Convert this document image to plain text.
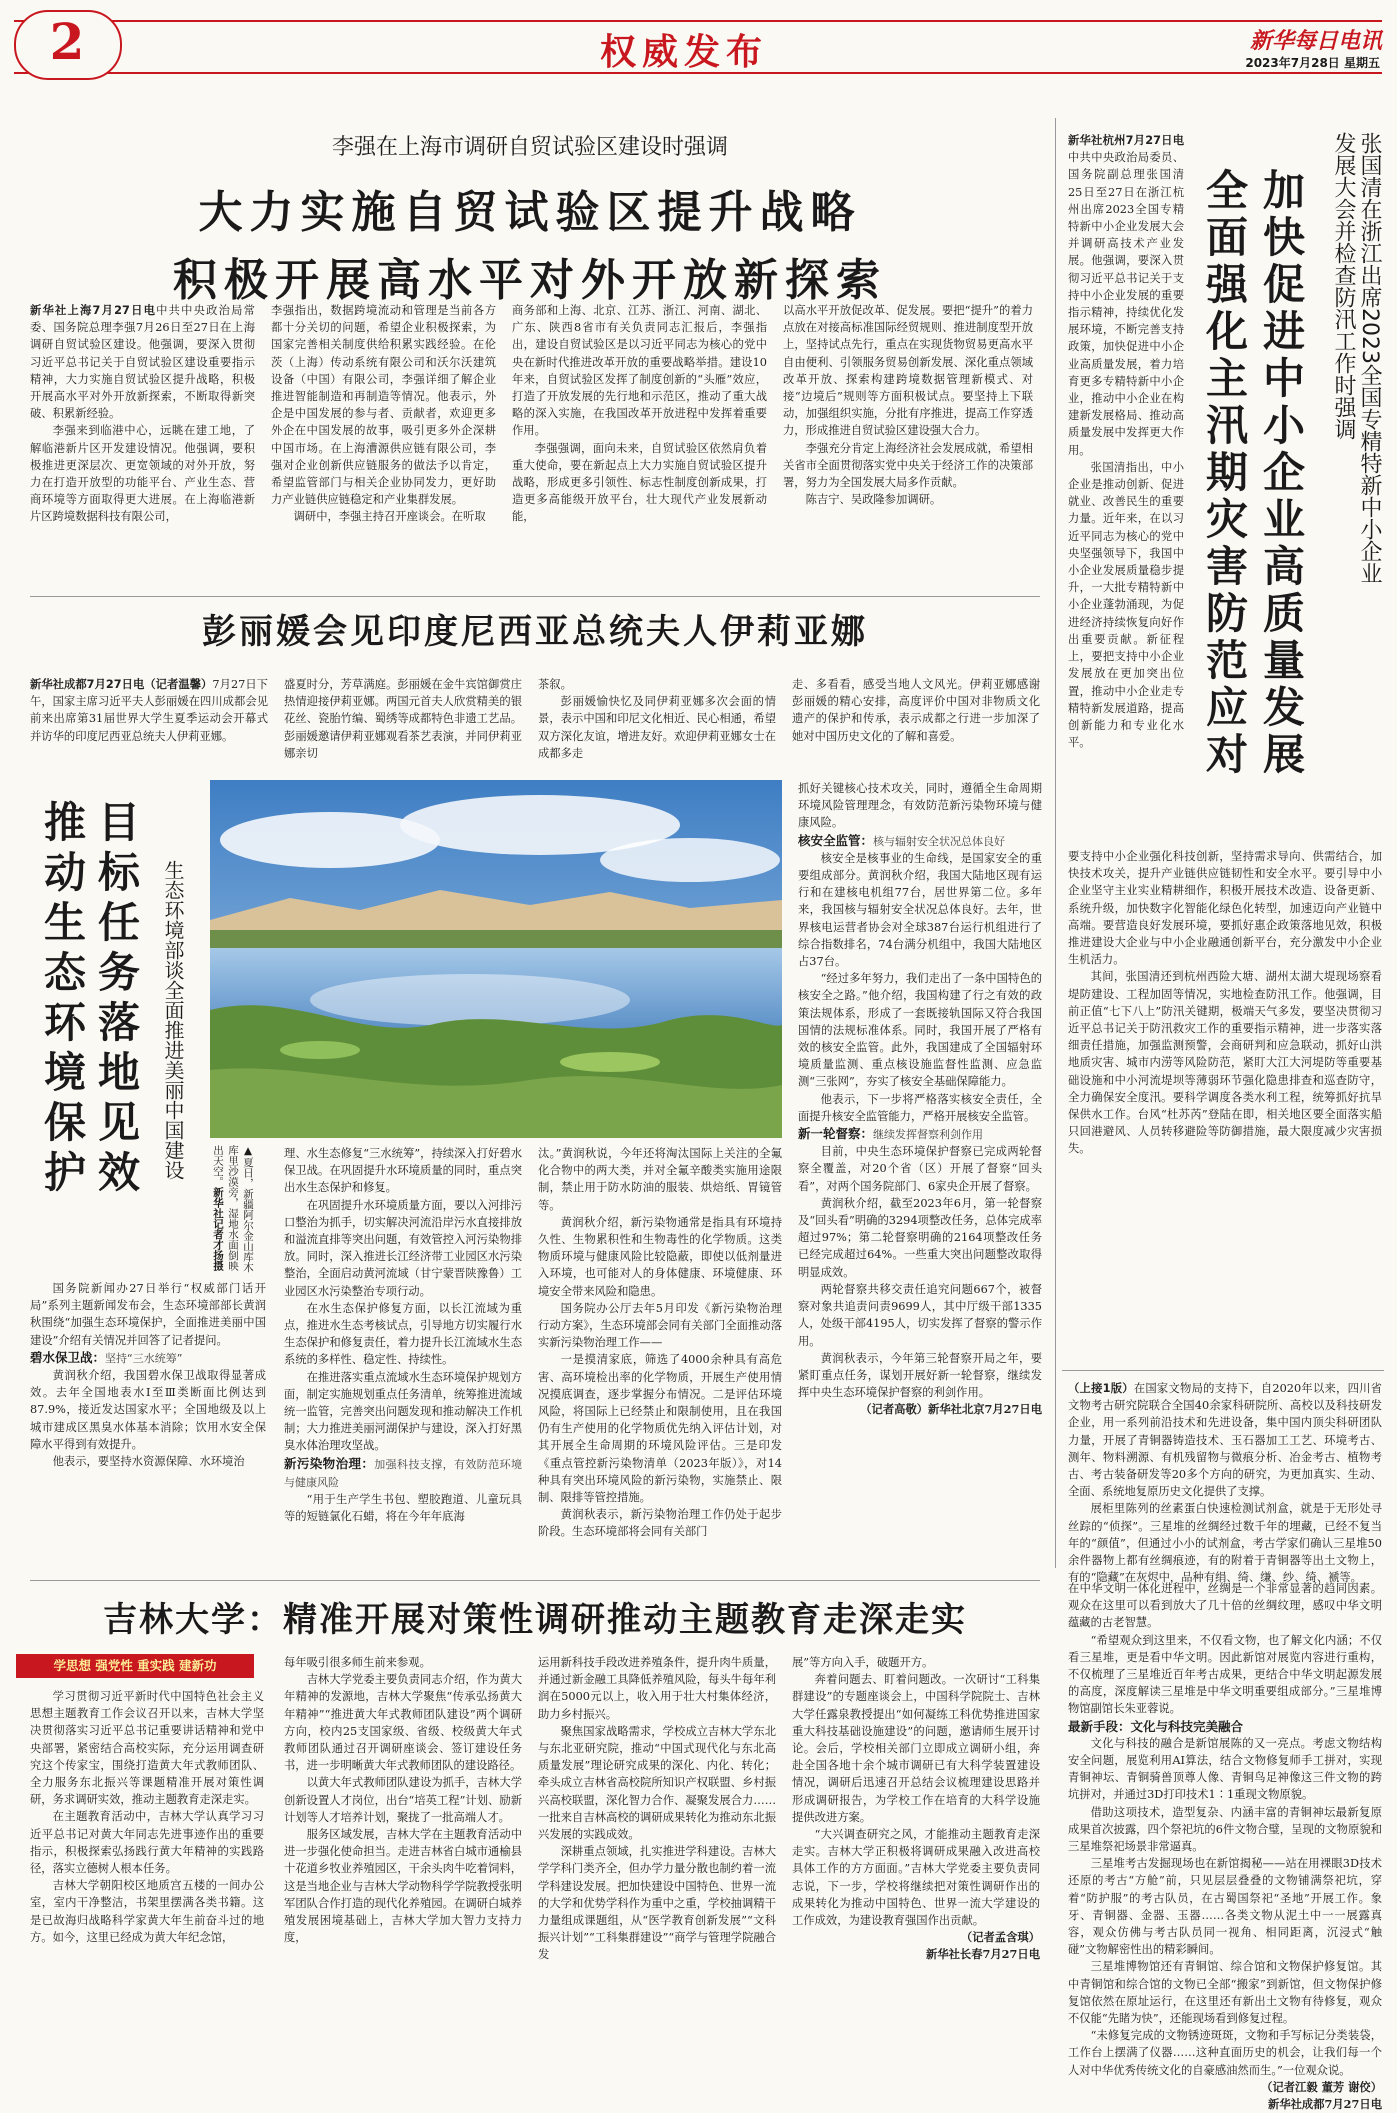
2	权威发布	新华每日电讯
2023年7月28日 星期五
李强在上海市调研自贸试验区建设时强调
大力实施自贸试验区提升战略
积极开展高水平对外开放新探索

新华社上海7月27日电中共中央政治局常委、国务院总理李强7月26日至27日在上海调研自贸试验区建设。他强调，要深入贯彻习近平总书记关于自贸试验区建设重要指示精神，大力实施自贸试验区提升战略，积极开展高水平对外开放新探索，不断取得新突破、积累新经验。

李强来到临港中心，远眺在建工地，了解临港新片区开发建设情况。他强调，要积极推进更深层次、更宽领域的对外开放，努力在打造开放型的功能平台、产业生态、营商环境等方面取得更大进展。在上海临港新片区跨境数据科技有限公司，

李强指出，数据跨境流动和管理是当前各方都十分关切的问题，希望企业积极探索，为国家完善相关制度供给积累实践经验。在伦茨（上海）传动系统有限公司和沃尔沃建筑设备（中国）有限公司，李强详细了解企业推进智能制造和再制造等情况。他表示，外企是中国发展的参与者、贡献者，欢迎更多外企在中国发展的故事，吸引更多外企深耕中国市场。在上海漕源供应链有限公司，李强对企业创新供应链服务的做法予以肯定，希望监管部门与相关企业协同发力，更好助力产业链供应链稳定和产业集群发展。

调研中，李强主持召开座谈会。在听取

商务部和上海、北京、江苏、浙江、河南、湖北、广东、陕西8省市有关负责同志汇报后，李强指出，建设自贸试验区是以习近平同志为核心的党中央在新时代推进改革开放的重要战略举措。建设10年来，自贸试验区发挥了制度创新的“头雁”效应，打造了开放发展的先行地和示范区，推动了重大战略的深入实施，在我国改革开放进程中发挥着重要作用。

李强强调，面向未来，自贸试验区依然肩负着重大使命，要在新起点上大力实施自贸试验区提升战略，形成更多引领性、标志性制度创新成果，打造更多高能级开放平台，壮大现代产业发展新动能，

以高水平开放促改革、促发展。要把“提升”的着力点放在对接高标准国际经贸规则、推进制度型开放上，坚持试点先行，重点在实现货物贸易更高水平自由便利、引领服务贸易创新发展、深化重点领域改革开放、探索构建跨境数据管理新模式、对接“边境后”规则等方面积极试点。要坚持上下联动，加强组织实施，分批有序推进，提高工作穿透力，形成推进自贸试验区建设强大合力。

李强充分肯定上海经济社会发展成就，希望相关省市全面贯彻落实党中央关于经济工作的决策部署，努力为全国发展大局多作贡献。

陈吉宁、吴政隆参加调研。	张国清在浙江出席2023全国专精特新中小企业发展大会并检查防汛工作时强调
加快促进中小企业高质量发展
全面强化主汛期灾害防范应对

新华社杭州7月27日电中共中央政治局委员、国务院副总理张国清25日至27日在浙江杭州出席2023全国专精特新中小企业发展大会并调研高技术产业发展。他强调，要深入贯彻习近平总书记关于支持中小企业发展的重要指示精神，持续优化发展环境，不断完善支持政策，加快促进中小企业高质量发展，着力培育更多专精特新中小企业，推动中小企业在构建新发展格局、推动高质量发展中发挥更大作用。

张国清指出，中小企业是推动创新、促进就业、改善民生的重要力量。近年来，在以习近平同志为核心的党中央坚强领导下，我国中小企业发展质量稳步提升，一大批专精特新中小企业蓬勃涌现，为促进经济持续恢复向好作出重要贡献。新征程上，要把支持中小企业发展放在更加突出位置，推动中小企业走专精特新发展道路，提高创新能力和专业化水平。

要支持中小企业强化科技创新，坚持需求导向、供需结合，加快技术攻关，提升产业链供应链韧性和安全水平。要引导中小企业坚守主业实业精耕细作，积极开展技术改造、设备更新、系统升级，加快数字化智能化绿色化转型，加速迈向产业链中高端。要营造良好发展环境，要抓好惠企政策落地见效，积极推进建设大企业与中小企业融通创新平台，充分激发中小企业生机活力。

其间，张国清还到杭州西险大塘、湖州太湖大堤现场察看堤防建设、工程加固等情况，实地检查防汛工作。他强调，目前正值“七下八上”防汛关键期，极端天气多发，要坚决贯彻习近平总书记关于防汛救灾工作的重要指示精神，进一步落实落细责任措施，加强监测预警，会商研判和应急联动，抓好山洪地质灾害、城市内涝等风险防范，紧盯大江大河堤防等重要基础设施和中小河流堤坝等薄弱环节强化隐患排查和巡查防守，全力确保安全度汛。要科学调度各类水利工程，统筹抓好抗旱保供水工作。台风“杜苏芮”登陆在即，相关地区要全面落实船只回港避风、人员转移避险等防御措施，最大限度减少灾害损失。

（上接1版）在国家文物局的支持下，自2020年以来，四川省文物考古研究院联合全国40余家科研院所、高校以及科技研发企业，用一系列前沿技术和先进设备，集中国内顶尖科研团队力量，开展了青铜器铸造技术、玉石器加工工艺、环境考古、测年、物料溯源、有机残留物与微痕分析、冶金考古、植物考古、考古装备研发等20多个方向的研究，为更加真实、生动、全面、系统地复原历史文化提供了支撑。

展柜里陈列的丝素蛋白快速检测试剂盒，就是于无形处寻丝踪的“侦探”。三星堆的丝绸经过数千年的埋藏，已经不复当年的“颜值”，但通过小小的试剂盒，考古学家们确认三星堆50余件器物上都有丝绸痕迹，有的附着于青铜器等出土文物上，有的“隐藏”在灰烬中，品种有绢、绮、缣、纱、绮、褫等。

在中华文明一体化进程中，丝绸是一个非常显著的趋同因素。观众在这里可以看到放大了几十倍的丝绸纹理，感叹中华文明蕴藏的古老智慧。

“希望观众到这里来，不仅看文物，也了解文化内涵；不仅看三星堆，更是看中华文明。因此新馆对展览内容进行重构，不仅梳理了三星堆近百年考古成果，更结合中华文明起源发展的高度，深度解读三星堆是中华文明重要组成部分。”三星堆博物馆副馆长朱亚蓉说。

最新手段：文化与科技完美融合

文化与科技的融合是新馆展陈的又一亮点。考虑文物结构安全问题，展览利用AI算法，结合文物修复师手工拼对，实现青铜神坛、青铜骑兽顶尊人像、青铜鸟足神像这三件文物的跨坑拼对，并通过3D打印技术1∶1重现文物原貌。

借助这项技术，造型复杂、内涵丰富的青铜神坛最新复原成果首次披露，四个祭祀坑的6件文物合璧，呈现的文物原貌和三星堆祭祀场景非常逼真。

三星堆考古发掘现场也在新馆揭秘——站在用裸眼3D技术还原的考古“方舱”前，只见层层叠叠的文物铺满祭祀坑，穿着“防护服”的考古队员，在古蜀国祭祀“圣地”开展工作。象牙、青铜器、金器、玉器……各类文物从泥土中一一展露真容，观众仿佛与考古队员同一视角、相同距离，沉浸式“触碰”文物解密性出的精彩瞬间。

三星堆博物馆还有青铜馆、综合馆和文物保护修复馆。其中青铜馆和综合馆的文物已全部“搬家”到新馆，但文物保护修复馆依然在原址运行，在这里还有新出土文物有待修复，观众不仅能“先睹为快”，还能现场看到修复过程。

“未修复完成的文物锈迹斑斑，文物和手写标记分类装袋，工作台上摆满了仪器……这种直面历史的机会，让我们每一个人对中华优秀传统文化的自豪感油然而生。”一位观众说。

（记者江毅 董芳 谢佼）

新华社成都7月27日电

彭丽媛会见印度尼西亚总统夫人伊莉亚娜

新华社成都7月27日电（记者温馨）7月27日下午，国家主席习近平夫人彭丽媛在四川成都会见前来出席第31届世界大学生夏季运动会开幕式并访华的印度尼西亚总统夫人伊莉亚娜。

盛夏时分，芳草满庭。彭丽媛在金牛宾馆御赏庄热情迎接伊莉亚娜。两国元首夫人欣赏精美的银花丝、瓷胎竹编、蜀绣等成都特色非遗工艺品。彭丽媛邀请伊莉亚娜观看茶艺表演，并同伊莉亚娜亲切

茶叙。

彭丽媛愉快忆及同伊莉亚娜多次会面的情景，表示中国和印尼文化相近、民心相通，希望双方深化友谊，增进友好。欢迎伊莉亚娜女士在成都多走

走、多看看，感受当地人文风光。伊莉亚娜感谢彭丽媛的精心安排，高度评价中国对非物质文化遗产的保护和传承，表示成都之行进一步加深了她对中国历史文化的了解和喜爱。

目标任务落地见效
推动生态环境保护	生态环境部谈全面推进美丽中国建设
▲夏日，新疆阿尔金山库木库里沙漠旁，湿地水面倒映出天空。新华社记者才扬摄

国务院新闻办27日举行“权威部门话开局”系列主题新闻发布会，生态环境部部长黄润秋围绕“加强生态环境保护，全面推进美丽中国建设”介绍有关情况并回答了记者提问。

碧水保卫战：坚持“三水统筹”

黄润秋介绍，我国碧水保卫战取得显著成效。去年全国地表水Ⅰ至Ⅲ类断面比例达到87.9%，接近发达国家水平；全国地级及以上城市建成区黑臭水体基本消除；饮用水安全保障水平得到有效提升。

他表示，要坚持水资源保障、水环境治

理、水生态修复“三水统筹”，持续深入打好碧水保卫战。在巩固提升水环境质量的同时，重点突出水生态保护和修复。

在巩固提升水环境质量方面，要以入河排污口整治为抓手，切实解决河流沿岸污水直接排放和溢流直排等突出问题，有效管控入河污染物排放。同时，深入推进长江经济带工业园区水污染整治，全面启动黄河流域（甘宁蒙晋陕豫鲁）工业园区水污染整治专项行动。

在水生态保护修复方面，以长江流域为重点，推进水生态考核试点，引导地方切实履行水生态保护和修复责任，着力提升长江流域水生态系统的多样性、稳定性、持续性。

在推进落实重点流域水生态环境保护规划方面，制定实施规划重点任务清单，统筹推进流域统一监管，完善突出问题发现和推动解决工作机制；大力推进美丽河湖保护与建设，深入打好黑臭水体治理攻坚战。

新污染物治理：加强科技支撑，有效防范环境与健康风险

“用于生产学生书包、塑胶跑道、儿童玩具等的短链氯化石蜡，将在今年年底海

汰。”黄润秋说，今年还将淘汰国际上关注的全氟化合物中的两大类，并对全氟辛酸类实施用途限制，禁止用于防水防油的服装、烘焙纸、胃镜管等。

黄润秋介绍，新污染物通常是指具有环境持久性、生物累积性和生物毒性的化学物质。这类物质环境与健康风险比较隐蔽，即使以低剂量进入环境，也可能对人的身体健康、环境健康、环境安全带来风险和隐患。

国务院办公厅去年5月印发《新污染物治理行动方案》，生态环境部会同有关部门全面推动落实新污染物治理工作——

一是摸清家底，筛选了4000余种具有高危害、高环境检出率的化学物质，开展生产使用情况摸底调查，逐步掌握分布情况。二是评估环境风险，将国际上已经禁止和限制使用，且在我国仍有生产使用的化学物质优先纳入评估计划，对其开展全生命周期的环境风险评估。三是印发《重点管控新污染物清单（2023年版）》，对14种具有突出环境风险的新污染物，实施禁止、限制、限排等管控措施。

黄润秋表示，新污染物治理工作仍处于起步阶段。生态环境部将会同有关部门

抓好关键核心技术攻关，同时，遵循全生命周期环境风险管理理念，有效防范新污染物环境与健康风险。

核安全监管：核与辐射安全状况总体良好

核安全是核事业的生命线，是国家安全的重要组成部分。黄润秋介绍，我国大陆地区现有运行和在建核电机组77台，居世界第二位。多年来，我国核与辐射安全状况总体良好。去年，世界核电运营者协会对全球387台运行机组进行了综合指数排名，74台满分机组中，我国大陆地区占37台。

“经过多年努力，我们走出了一条中国特色的核安全之路。”他介绍，我国构建了行之有效的政策法规体系，形成了一套既接轨国际又符合我国国情的法规标准体系。同时，我国开展了严格有效的核安全监管。此外，我国建成了全国辐射环境质量监测、重点核设施监督性监测、应急监测“三张网”，夯实了核安全基础保障能力。

他表示，下一步将严格落实核安全责任，全面提升核安全监管能力，严格开展核安全监管。

新一轮督察：继续发挥督察利剑作用

目前，中央生态环境保护督察已完成两轮督察全覆盖，对20个省（区）开展了督察“回头看”，对两个国务院部门、6家央企开展了督察。

黄润秋介绍，截至2023年6月，第一轮督察及“回头看”明确的3294项整改任务，总体完成率超过97%；第二轮督察明确的2164项整改任务已经完成超过64%。一些重大突出问题整改取得明显成效。

两轮督察共移交责任追究问题667个，被督察对象共追责问责9699人，其中厅级干部1335人，处级干部4195人，切实发挥了督察的警示作用。

黄润秋表示，今年第三轮督察开局之年，要紧盯重点任务，谋划开展好新一轮督察，继续发挥中央生态环境保护督察的利剑作用。

（记者高敬）新华社北京7月27日电

吉林大学：精准开展对策性调研推动主题教育走深走实
学思想 强党性 重实践 建新功

学习贯彻习近平新时代中国特色社会主义思想主题教育工作会议召开以来，吉林大学坚决贯彻落实习近平总书记重要讲话精神和党中央部署，紧密结合高校实际，充分运用调查研究这个传家宝，围绕打造黄大年式教师团队、全力服务东北振兴等课题精准开展对策性调研，务求调研实效，推动主题教育走深走实。

在主题教育活动中，吉林大学认真学习习近平总书记对黄大年同志先进事迹作出的重要指示，积极探索弘扬践行黄大年精神的实践路径，落实立德树人根本任务。

吉林大学朝阳校区地质宫五楼的一间办公室，室内干净整洁，书架里摆满各类书籍。这是已故海归战略科学家黄大年生前奋斗过的地方。如今，这里已经成为黄大年纪念馆，

每年吸引很多师生前来参观。

吉林大学党委主要负责同志介绍，作为黄大年精神的发源地，吉林大学聚焦“传承弘扬黄大年精神”“推进黄大年式教师团队建设”两个调研方向，校内25支国家级、省级、校级黄大年式教师团队通过召开调研座谈会、签订建设任务书，进一步明晰黄大年式教师团队的建设路径。

以黄大年式教师团队建设为抓手，吉林大学创新设置人才岗位，出台“培英工程”计划、励新计划等人才培养计划，聚拢了一批高端人才。

服务区域发展，吉林大学在主题教育活动中进一步强化使命担当。走进吉林省白城市通榆县十花道乡牧业养殖园区，干余头肉牛吃着饲料，这是当地企业与吉林大学动物科学学院教授张明军团队合作打造的现代化养殖园。在调研白城养殖发展困境基础上，吉林大学加大智力支持力度，

运用新科技手段改进养殖条件，提升肉牛质量，并通过新金融工具降低养殖风险，每头牛每年利润在5000元以上，收入用于壮大村集体经济，助力乡村振兴。

聚焦国家战略需求，学校成立吉林大学东北与东北亚研究院，推动“中国式现代化与东北高质量发展”理论研究成果的深化、内化、转化；牵头成立吉林省高校院所知识产权联盟、乡村振兴高校联盟，深化智力合作、凝聚发展合力……一批来自吉林高校的调研成果转化为推动东北振兴发展的实践成效。

深耕重点领域，扎实推进学科建设。吉林大学学科门类齐全，但办学力量分散也制约着一流学科建设发展。把加快建设中国特色、世界一流的大学和优势学科作为重中之重，学校抽调精干力量组成课题组，从“医学教育创新发展”“文科振兴计划”“工科集群建设”“商学与管理学院融合发

展”等方向入手，破题开方。

奔着问题去、盯着问题改。一次研讨“工科集群建设”的专题座谈会上，中国科学院院士、吉林大学任露泉教授提出“如何凝练工科优势推进国家重大科技基础设施建设”的问题，邀请师生展开讨论。会后，学校相关部门立即成立调研小组，奔赴全国各地十余个城市调研已有大科学装置建设情况，调研后迅速召开总结会议梳理建设思路并形成调研报告，为学校工作在培育的大科学设施提供改进方案。

“大兴调查研究之风，才能推动主题教育走深走实。吉林大学正积极将调研成果融入改进高校具体工作的方方面面。”吉林大学党委主要负责同志说，下一步，学校将继续把对策性调研作出的成果转化为推动中国特色、世界一流大学建设的工作成效，为建设教育强国作出贡献。

（记者孟含琪）

新华社长春7月27日电
